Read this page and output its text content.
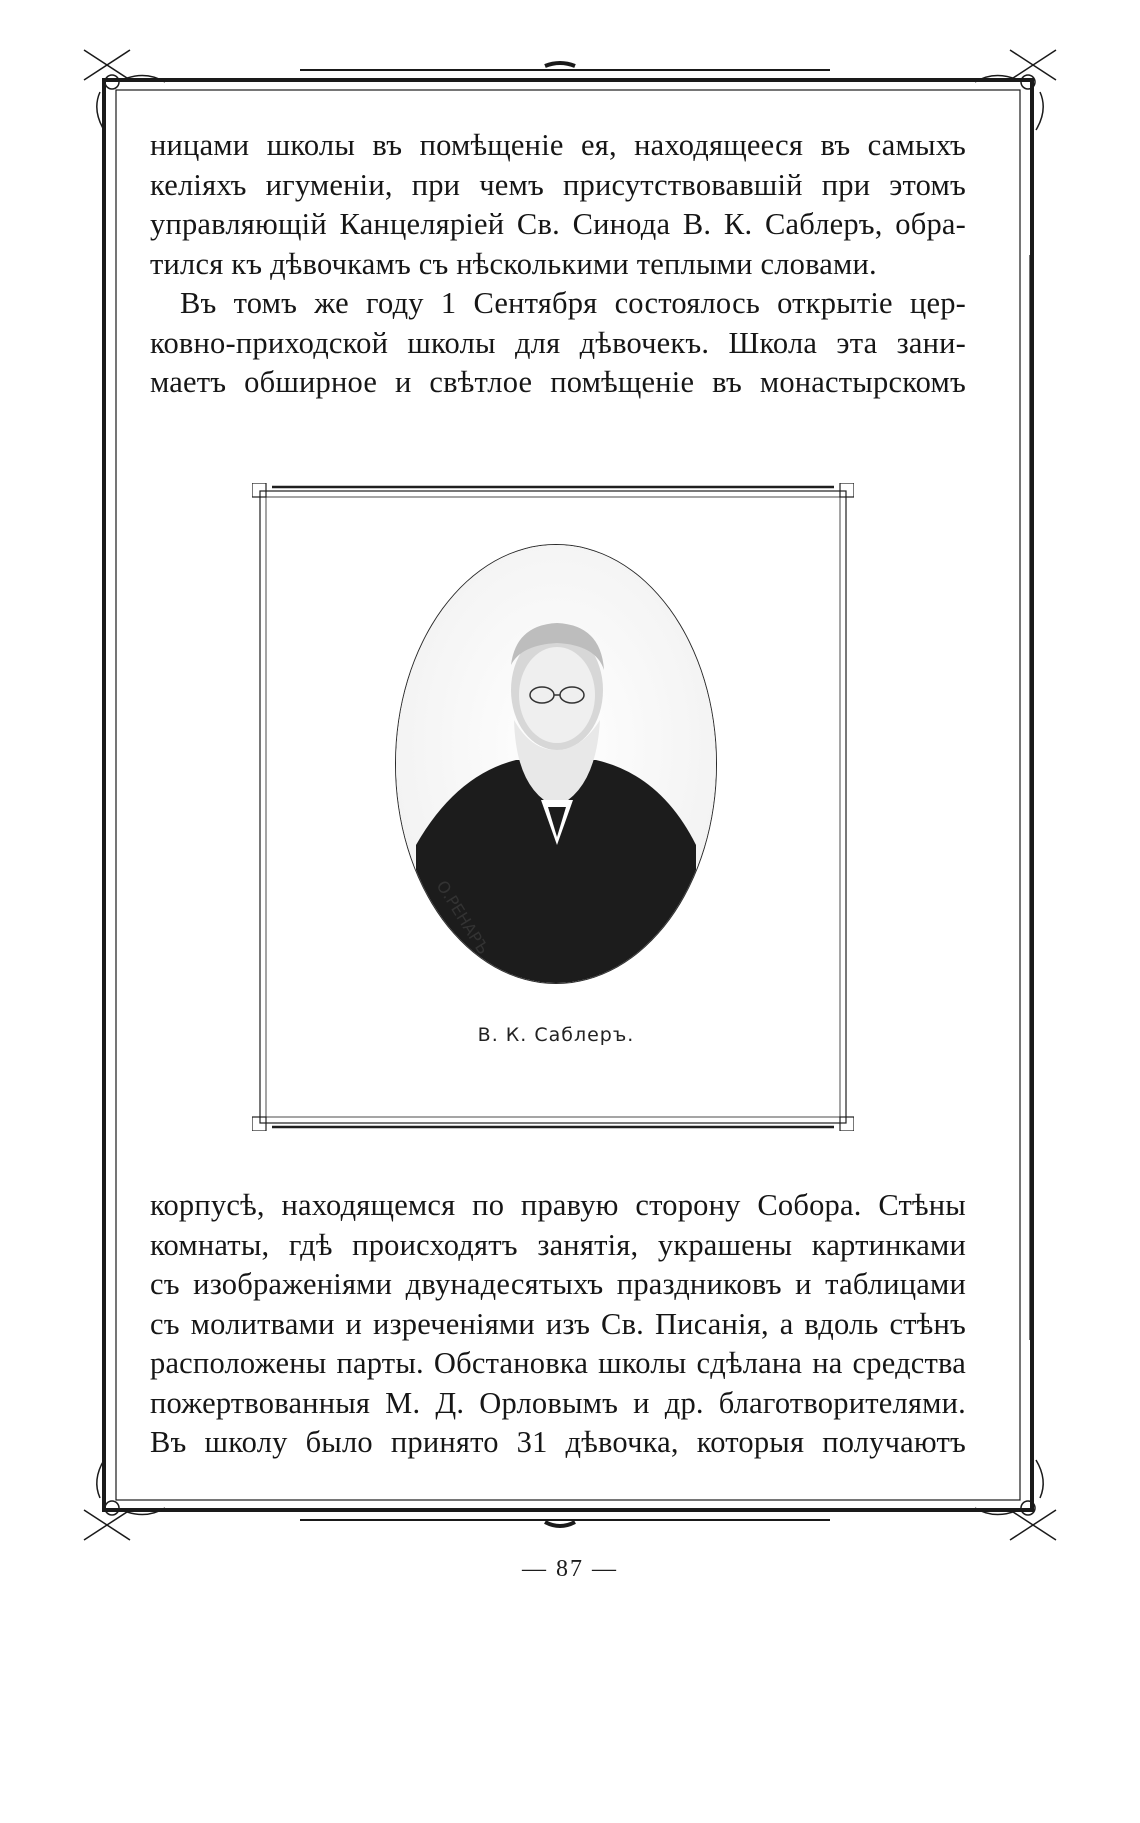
ницами школы въ помѣщеніе ея, находящееся въ самыхъ
келіяхъ игуменіи, при чемъ присутствовавшій при этомъ
управляющій Канцеляріей Св. Синода В. К. Саблеръ, обра-
тился къ дѣвочкамъ съ нѣсколькими теплыми словами.
Въ томъ же году 1 Сентября состоялось открытіе цер-
ковно-приходской школы для дѣвочекъ. Школа эта зани-
маетъ обширное и свѣтлое помѣщеніе въ монастырскомъ
О.РЕНАРЪ
В. К. Саблеръ.
корпусѣ, находящемся по правую сторону Собора. Стѣны
комнаты, гдѣ происходятъ занятія, украшены картинками
съ изображеніями двунадесятыхъ праздниковъ и таблицами
съ молитвами и изреченіями изъ Св. Писанія, а вдоль стѣнъ
расположены парты. Обстановка школы сдѣлана на средства
пожертвованныя М. Д. Орловымъ и др. благотворителями.
Въ школу было принято 31 дѣвочка, которыя получаютъ
— 87 —
